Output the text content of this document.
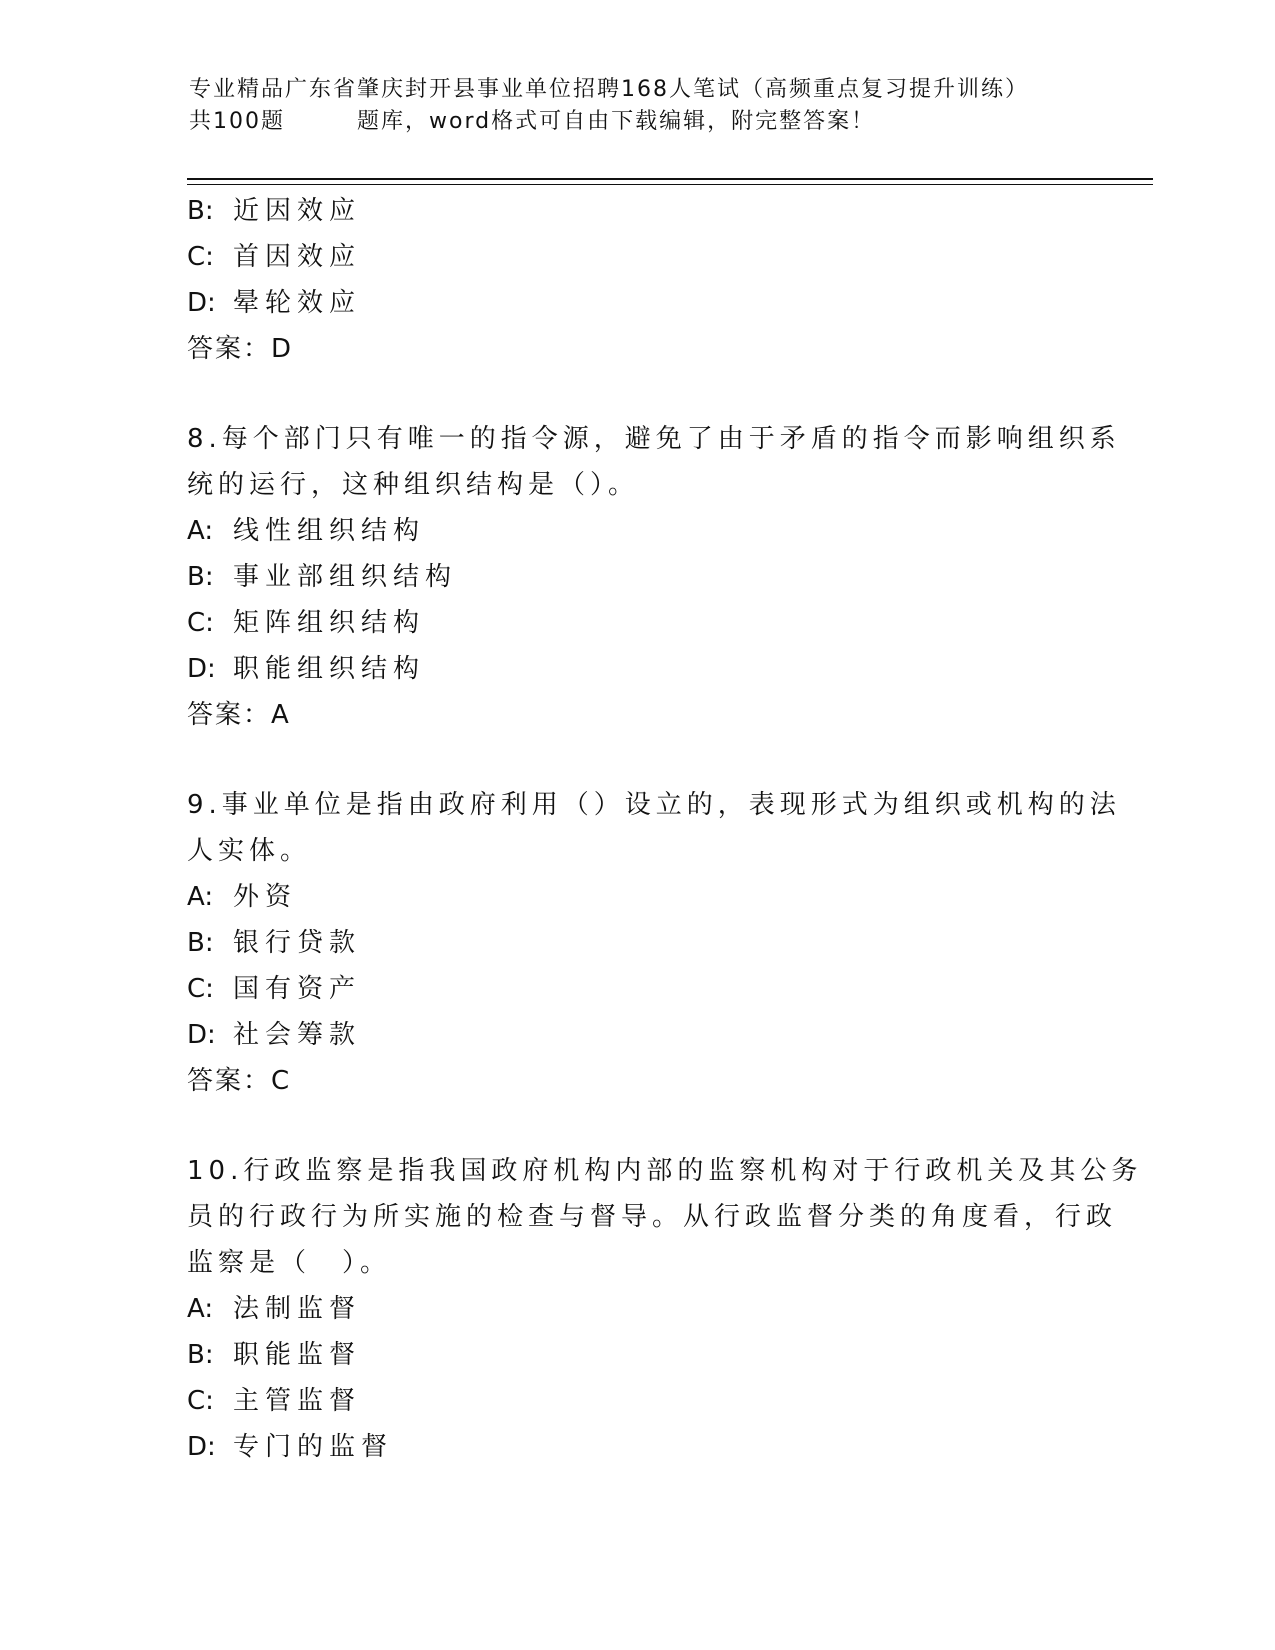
专业精品广东省肇庆封开县事业单位招聘168人笔试（高频重点复习提升训练）
共100题	题库，word格式可自由下载编辑，附完整答案！
B: 近因效应
C: 首因效应
D: 晕轮效应
答案：D
8.每个部门只有唯一的指令源，避免了由于矛盾的指令而影响组织系
统的运行，这种组织结构是（）。
A: 线性组织结构
B: 事业部组织结构
C: 矩阵组织结构
D: 职能组织结构
答案：A
9.事业单位是指由政府利用（）设立的，表现形式为组织或机构的法
人实体。
A: 外资
B: 银行贷款
C: 国有资产
D: 社会筹款
答案：C
10.行政监察是指我国政府机构内部的监察机构对于行政机关及其公务
员的行政行为所实施的检查与督导。从行政监督分类的角度看，行政
监察是（　）。
A: 法制监督
B: 职能监督
C: 主管监督
D: 专门的监督
